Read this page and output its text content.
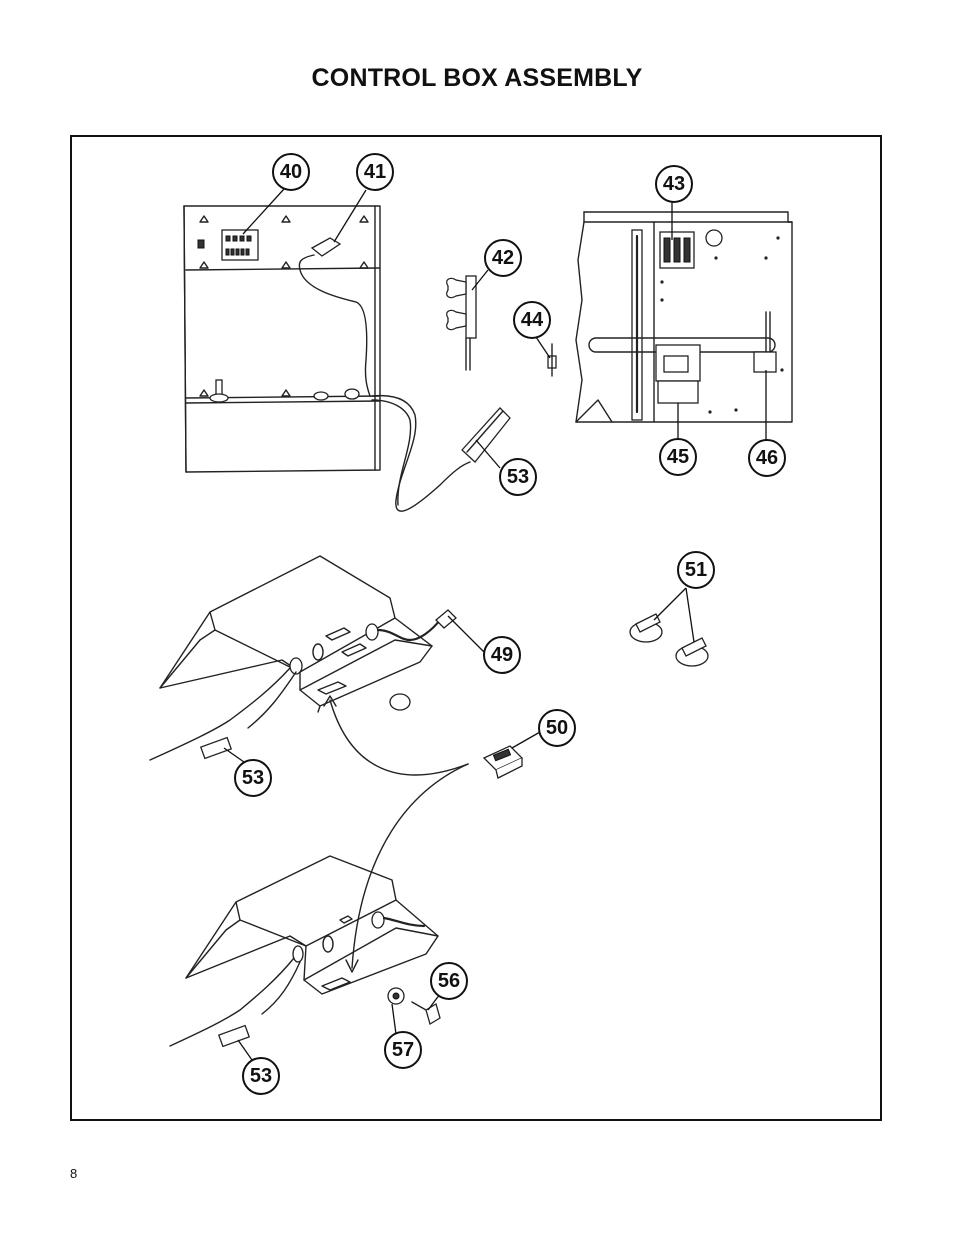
CONTROL BOX ASSEMBLY
40	41
42
43
44
45	46
53
49
51
53
50
56
57
53
8
